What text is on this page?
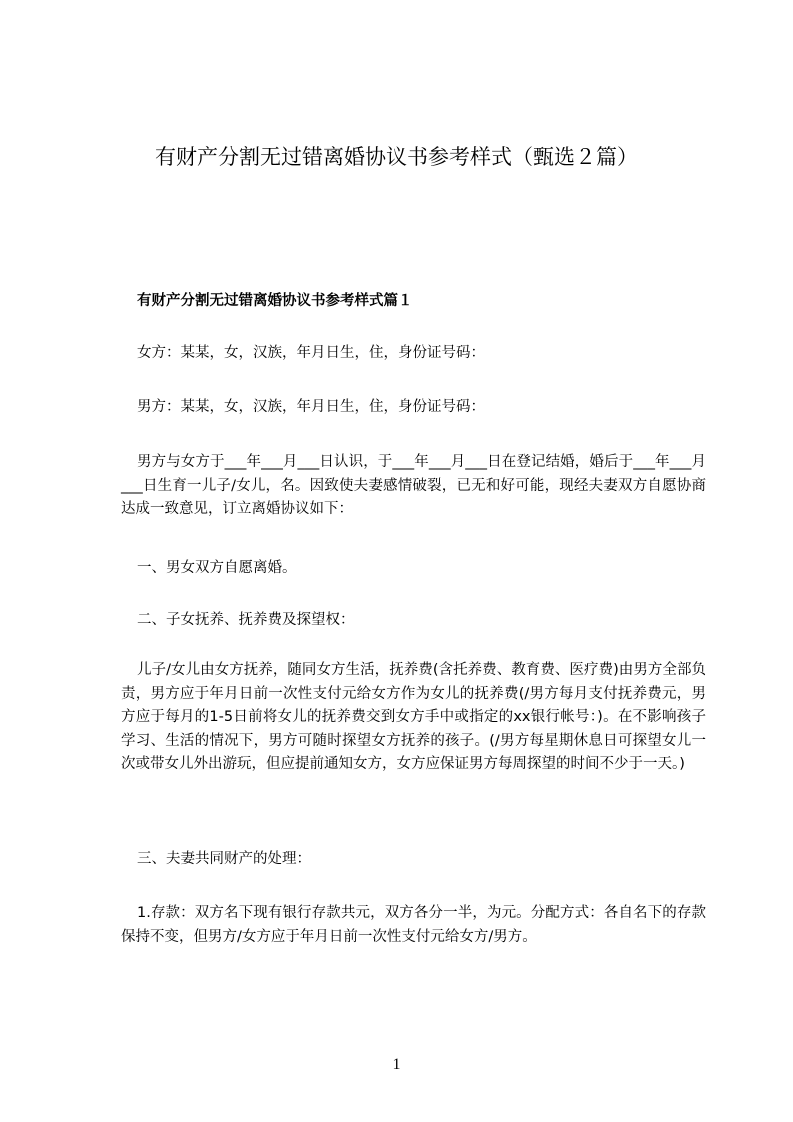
有财产分割无过错离婚协议书参考样式（甄选２篇）
有财产分割无过错离婚协议书参考样式篇１
女方：某某，女，汉族，年月日生，住，身份证号码：
男方：某某，女，汉族，年月日生，住，身份证号码：
男方与女方于___年___月___日认识，于___年___月___日在登记结婚，婚后于___年___月___日生育一儿子/女儿，名。因致使夫妻感情破裂，已无和好可能，现经夫妻双方自愿协商达成一致意见，订立离婚协议如下：
一、男女双方自愿离婚。
二、子女抚养、抚养费及探望权：
儿子/女儿由女方抚养，随同女方生活，抚养费(含托养费、教育费、医疗费)由男方全部负责，男方应于年月日前一次性支付元给女方作为女儿的抚养费(/男方每月支付抚养费元，男方应于每月的1-5日前将女儿的抚养费交到女方手中或指定的xx银行帐号：)。在不影响孩子学习、生活的情况下，男方可随时探望女方抚养的孩子。(/男方每星期休息日可探望女儿一次或带女儿外出游玩，但应提前通知女方，女方应保证男方每周探望的时间不少于一天。)
三、夫妻共同财产的处理：
1.存款：双方名下现有银行存款共元，双方各分一半，为元。分配方式：各自名下的存款保持不变，但男方/女方应于年月日前一次性支付元给女方/男方。
1
